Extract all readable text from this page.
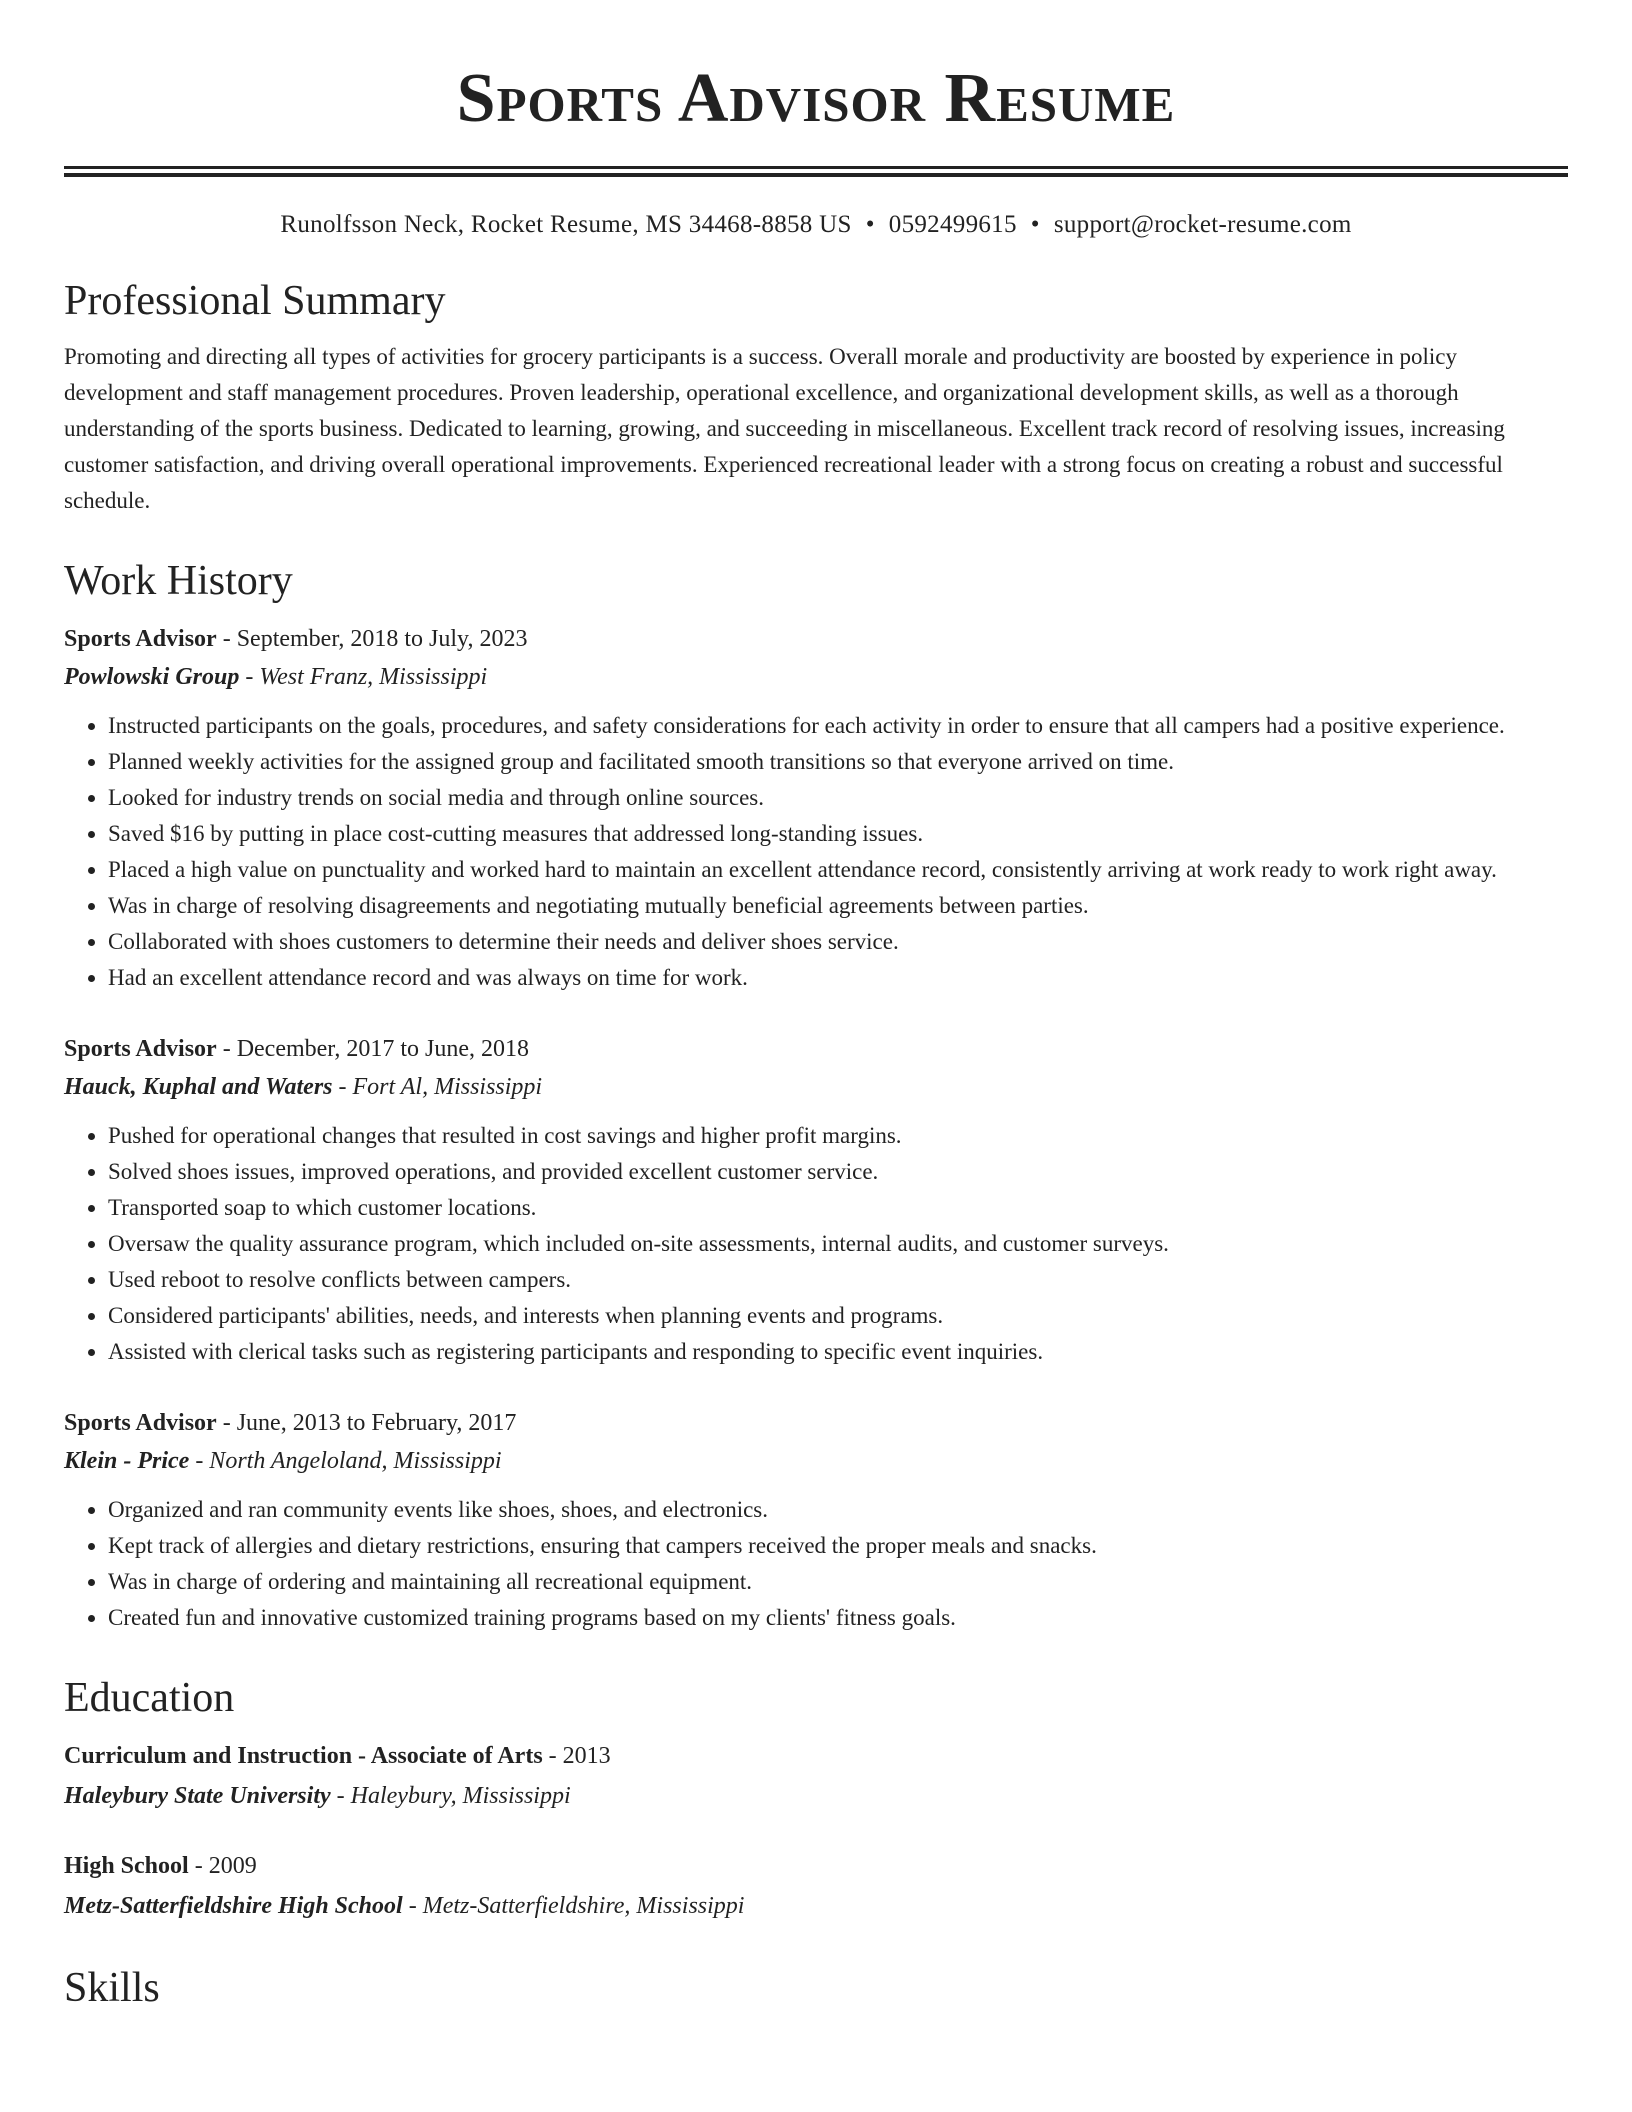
Sports Advisor Resume
Runolfsson Neck, Rocket Resume, MS 34468-8858 US • 0592499615 • support@rocket-resume.com
Professional Summary
Promoting and directing all types of activities for grocery participants is a success. Overall morale and productivity are boosted by experience in policy development and staff management procedures. Proven leadership, operational excellence, and organizational development skills, as well as a thorough understanding of the sports business. Dedicated to learning, growing, and succeeding in miscellaneous. Excellent track record of resolving issues, increasing customer satisfaction, and driving overall operational improvements. Experienced recreational leader with a strong focus on creating a robust and successful schedule.
Work History
Sports Advisor - September, 2018 to July, 2023
Powlowski Group - West Franz, Mississippi
• Instructed participants on the goals, procedures, and safety considerations for each activity in order to ensure that all campers had a positive experience.
• Planned weekly activities for the assigned group and facilitated smooth transitions so that everyone arrived on time.
• Looked for industry trends on social media and through online sources.
• Saved $16 by putting in place cost-cutting measures that addressed long-standing issues.
• Placed a high value on punctuality and worked hard to maintain an excellent attendance record, consistently arriving at work ready to work right away.
• Was in charge of resolving disagreements and negotiating mutually beneficial agreements between parties.
• Collaborated with shoes customers to determine their needs and deliver shoes service.
• Had an excellent attendance record and was always on time for work.
Sports Advisor - December, 2017 to June, 2018
Hauck, Kuphal and Waters - Fort Al, Mississippi
• Pushed for operational changes that resulted in cost savings and higher profit margins.
• Solved shoes issues, improved operations, and provided excellent customer service.
• Transported soap to which customer locations.
• Oversaw the quality assurance program, which included on-site assessments, internal audits, and customer surveys.
• Used reboot to resolve conflicts between campers.
• Considered participants' abilities, needs, and interests when planning events and programs.
• Assisted with clerical tasks such as registering participants and responding to specific event inquiries.
Sports Advisor - June, 2013 to February, 2017
Klein - Price - North Angeloland, Mississippi
• Organized and ran community events like shoes, shoes, and electronics.
• Kept track of allergies and dietary restrictions, ensuring that campers received the proper meals and snacks.
• Was in charge of ordering and maintaining all recreational equipment.
• Created fun and innovative customized training programs based on my clients' fitness goals.
Education
Curriculum and Instruction - Associate of Arts - 2013
Haleybury State University - Haleybury, Mississippi
High School - 2009
Metz-Satterfieldshire High School - Metz-Satterfieldshire, Mississippi
Skills
